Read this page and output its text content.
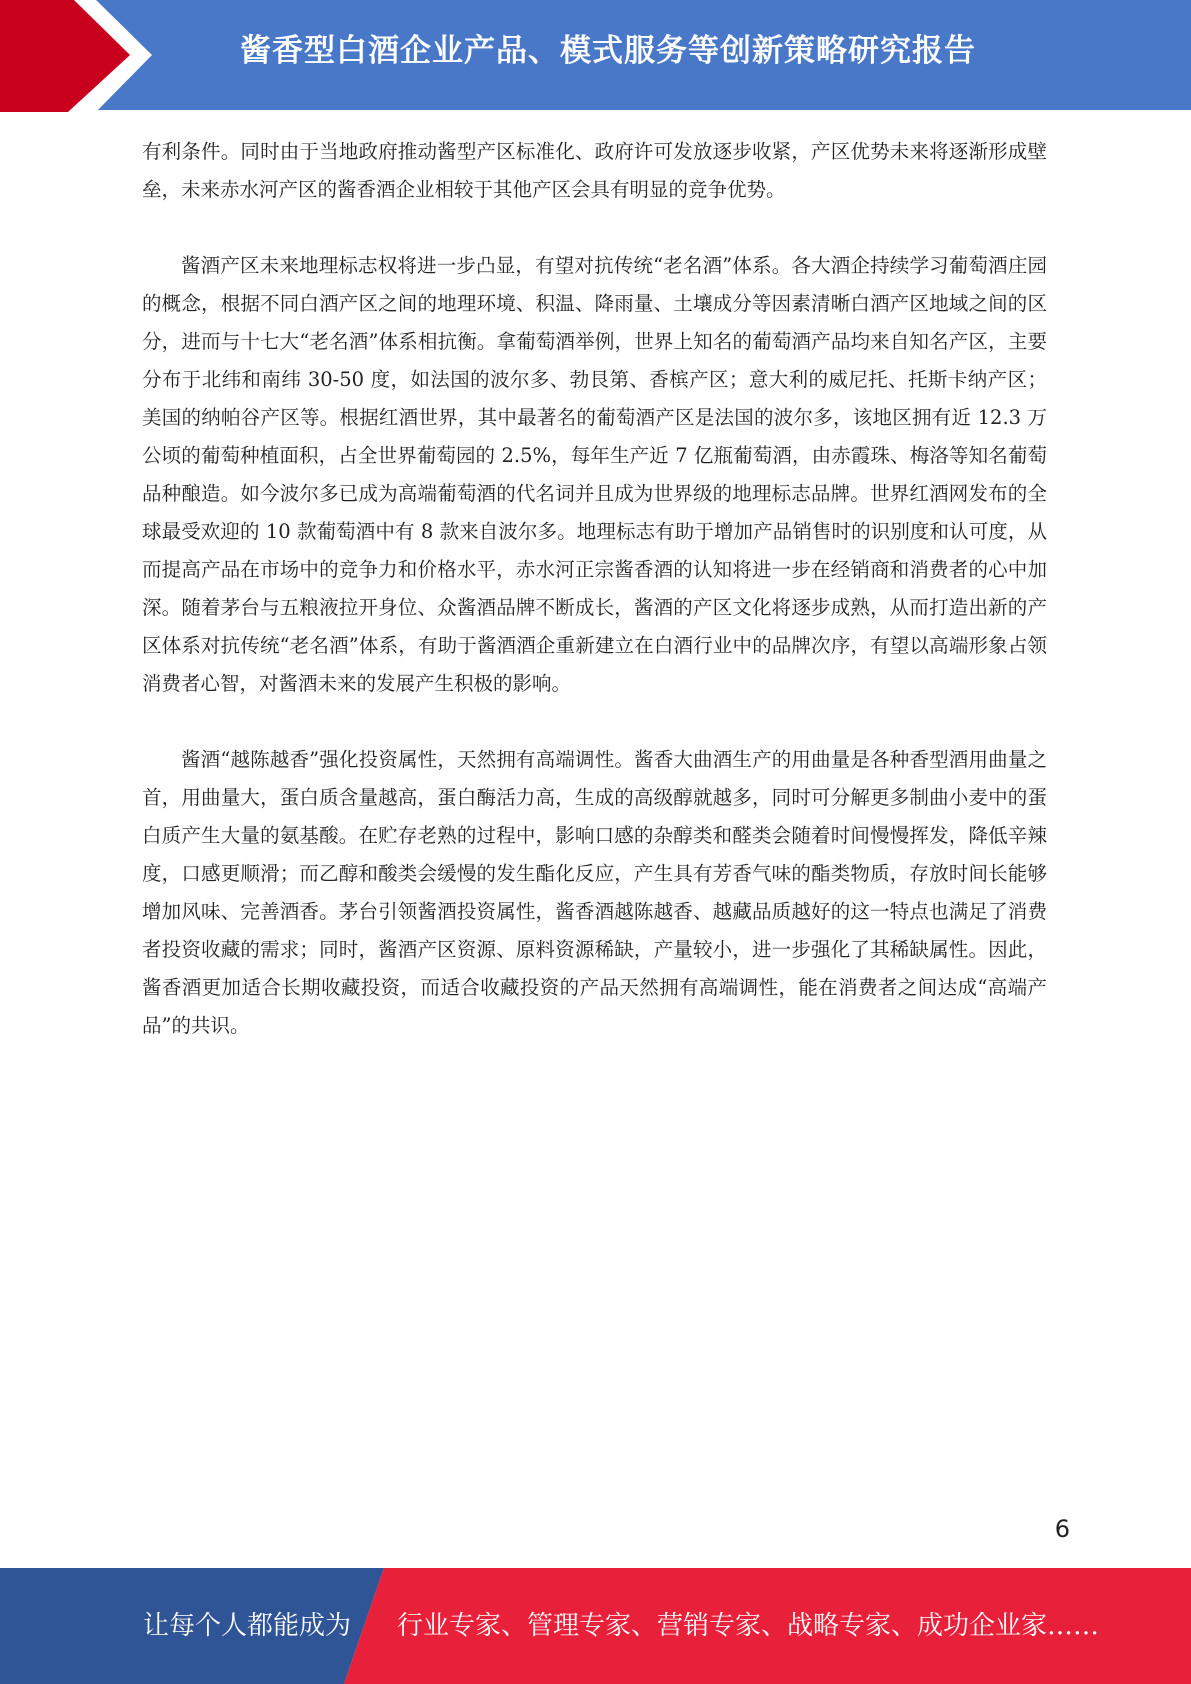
酱香型白酒企业产品、模式服务等创新策略研究报告

有利条件。同时由于当地政府推动酱型产区标准化、政府许可发放逐步收紧，产区优势未来将逐渐形成壁垒，未来赤水河产区的酱香酒企业相较于其他产区会具有明显的竞争优势。

酱酒产区未来地理标志权将进一步凸显，有望对抗传统“老名酒”体系。各大酒企持续学习葡萄酒庄园的概念，根据不同白酒产区之间的地理环境、积温、降雨量、土壤成分等因素清晰白酒产区地域之间的区分，进而与十七大“老名酒”体系相抗衡。拿葡萄酒举例，世界上知名的葡萄酒产品均来自知名产区，主要分布于北纬和南纬 30-50 度，如法国的波尔多、勃艮第、香槟产区；意大利的威尼托、托斯卡纳产区；美国的纳帕谷产区等。根据红酒世界，其中最著名的葡萄酒产区是法国的波尔多，该地区拥有近 12.3 万公顷的葡萄种植面积，占全世界葡萄园的 2.5%，每年生产近 7 亿瓶葡萄酒，由赤霞珠、梅洛等知名葡萄品种酿造。如今波尔多已成为高端葡萄酒的代名词并且成为世界级的地理标志品牌。世界红酒网发布的全球最受欢迎的 10 款葡萄酒中有 8 款来自波尔多。地理标志有助于增加产品销售时的识别度和认可度，从而提高产品在市场中的竞争力和价格水平，赤水河正宗酱香酒的认知将进一步在经销商和消费者的心中加深。随着茅台与五粮液拉开身位、众酱酒品牌不断成长，酱酒的产区文化将逐步成熟，从而打造出新的产区体系对抗传统“老名酒”体系，有助于酱酒酒企重新建立在白酒行业中的品牌次序，有望以高端形象占领消费者心智，对酱酒未来的发展产生积极的影响。

酱酒“越陈越香”强化投资属性，天然拥有高端调性。酱香大曲酒生产的用曲量是各种香型酒用曲量之首，用曲量大，蛋白质含量越高，蛋白酶活力高，生成的高级醇就越多，同时可分解更多制曲小麦中的蛋白质产生大量的氨基酸。在贮存老熟的过程中，影响口感的杂醇类和醛类会随着时间慢慢挥发，降低辛辣度，口感更顺滑；而乙醇和酸类会缓慢的发生酯化反应，产生具有芳香气味的酯类物质，存放时间长能够增加风味、完善酒香。茅台引领酱酒投资属性，酱香酒越陈越香、越藏品质越好的这一特点也满足了消费者投资收藏的需求；同时，酱酒产区资源、原料资源稀缺，产量较小，进一步强化了其稀缺属性。因此，酱香酒更加适合长期收藏投资，而适合收藏投资的产品天然拥有高端调性，能在消费者之间达成“高端产品”的共识。

6
让每个人都能成为 行业专家、管理专家、营销专家、战略专家、成功企业家……
